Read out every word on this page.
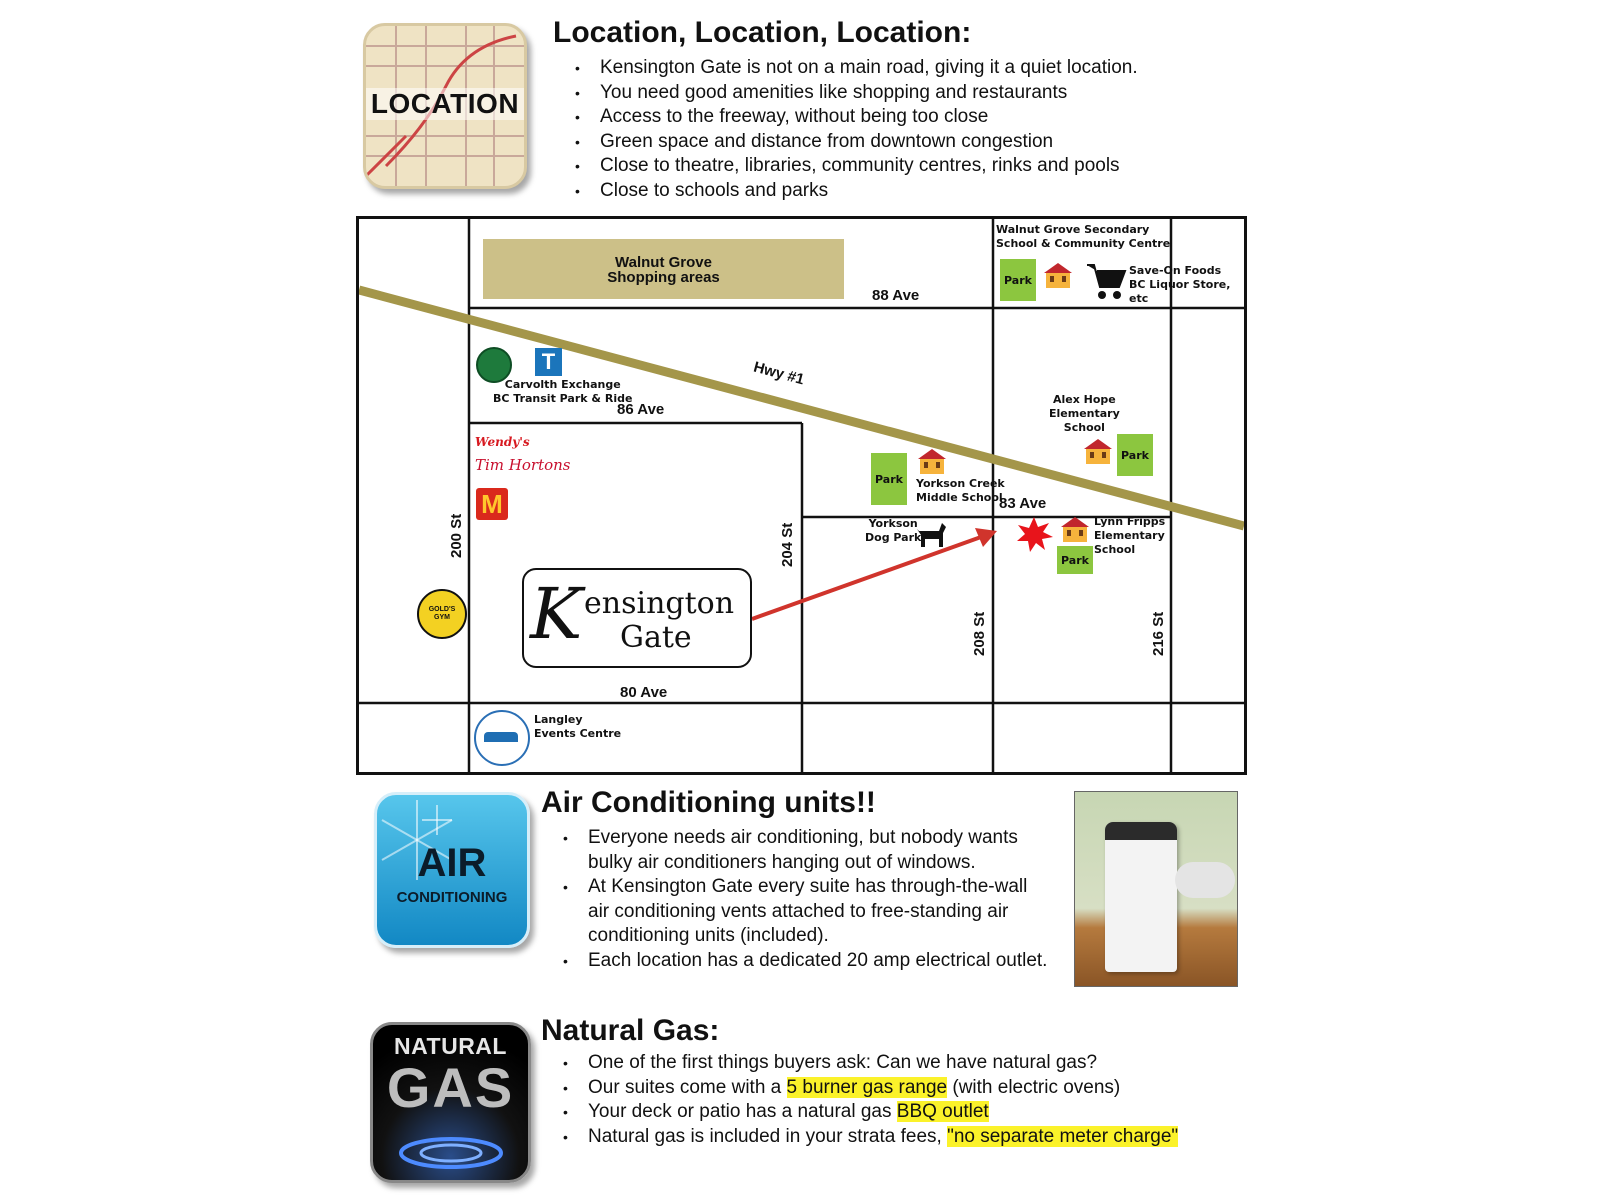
LOCATION
Location, Location, Location:
• Kensington Gate is not on a main road, giving it a quiet location.
• You need good amenities like shopping and restaurants
• Access to the freeway, without being too close
• Green space and distance from downtown congestion
• Close to theatre, libraries, community centres, rinks and pools
• Close to schools and parks
Walnut Grove
Shopping areas
Walnut Grove Secondary
School & Community Centre
Park
Save-On Foods
BC Liquor Store, etc
88 Ave
Hwy #1
86 Ave
83 Ave
80 Ave
200 St	204 St
208 St	216 St
T
Carvolth Exchange
BC Transit Park & Ride
Wendy's
Tim Hortons
M
GOLD'S GYM
Alex Hope
Elementary
School
Park
Park	Yorkson Creek
Middle School
Yorkson
Dog Park
Lynn Fripps
Elementary
School
Park
K ensington
Gate
Langley
Events Centre
AIR
CONDITIONING
Air Conditioning units!!
• Everyone needs air conditioning, but nobody wants
bulky air conditioners hanging out of windows.
• At Kensington Gate every suite has through-the-wall
air conditioning vents attached to free-standing air
conditioning units (included).
• Each location has a dedicated 20 amp electrical outlet.
NATURAL
GAS
Natural Gas:
• One of the first things buyers ask: Can we have natural gas?
• Our suites come with a 5 burner gas range (with electric ovens)
• Your deck or patio has a natural gas BBQ outlet
• Natural gas is included in your strata fees, "no separate meter charge"
